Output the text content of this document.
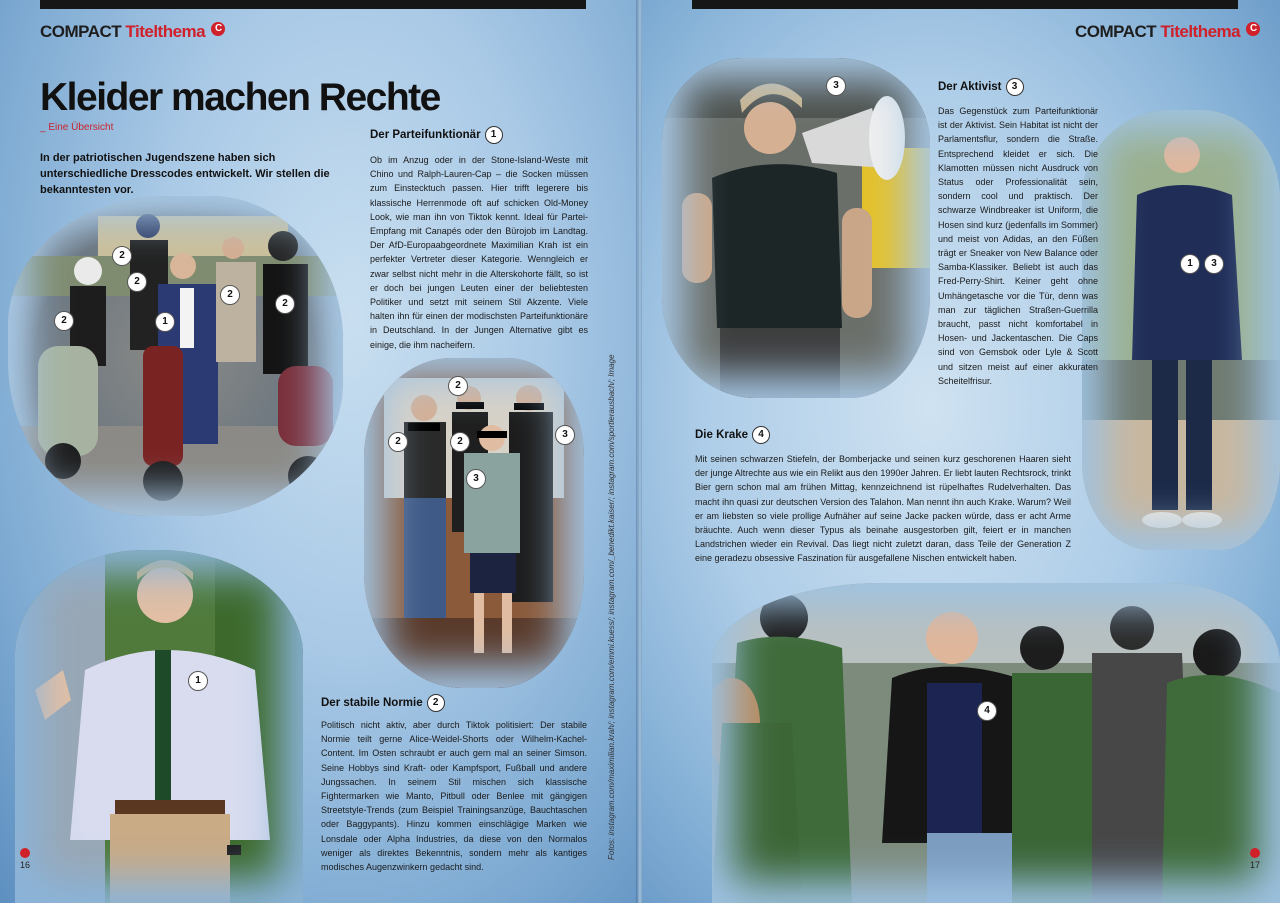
COMPACT Titelthema C
Kleider machen Rechte
_ Eine Übersicht
In der patriotischen Jugendszene haben sich unterschiedliche Dresscodes entwickelt. Wir stellen die bekanntesten vor.
2
2
2
2
2	1
1
2
2	2
3
3
Der Parteifunktionär 1
Ob im Anzug oder in der Stone-Island-Weste mit Chino und Ralph-Lauren-Cap – die Socken müssen zum Einstecktuch passen. Hier trifft legerere bis klassische Herrenmode oft auf schicken Old-Money Look, wie man ihn von Tiktok kennt. Ideal für Partei-Empfang mit Canapés oder den Bürojob im Landtag. Der AfD-Europaabgeordnete Maximilian Krah ist ein perfekter Vertreter dieser Kategorie. Wenngleich er zwar selbst nicht mehr in die Alterskohorte fällt, so ist er doch bei jungen Leuten einer der beliebtesten Politiker und setzt mit seinem Stil Akzente. Viele halten ihn für einen der modischsten Parteifunktionäre in Deutschland. In der Jungen Alternative gibt es einige, die ihm nacheifern.
Der stabile Normie 2
Politisch nicht aktiv, aber durch Tiktok politisiert: Der stabile Normie teilt gerne Alice-Weidel-Shorts oder Wilhelm-Kachel-Content. Im Osten schraubt er auch gern mal an seiner Simson. Seine Hobbys sind Kraft- oder Kampfsport, Fußball und andere Jungssachen. In seinem Stil mischen sich klassische Fightermarken wie Manto, Pitbull oder Benlee mit gängigen Streetstyle-Trends (zum Beispiel Trainingsanzüge, Bauchtaschen oder Baggypants). Hinzu kommen einschlägige Marken wie Lonsdale oder Alpha Industries, da diese von den Normalos weniger als direktes Bekenntnis, sondern mehr als kantiges modisches Augenzwinkern gedacht sind.
Fotos: instagram.com/maximilian.krah/; instagram.com/emmi.kuess/; instagram.com/_benedikt.kaiser/; instagram.com/sportlerausbach/; Image
16
COMPACT Titelthema C
3
1	3
4
Der Aktivist 3
Das Gegenstück zum Parteifunktionär ist der Aktivist. Sein Habitat ist nicht der Parlamentsflur, sondern die Straße. Entsprechend kleidet er sich. Die Klamotten müssen nicht Ausdruck von Status oder Professionalität sein, sondern cool und praktisch. Der schwarze Windbreaker ist Uniform, die Hosen sind kurz (jedenfalls im Sommer) und meist von Adidas, an den Füßen trägt er Sneaker von New Balance oder Samba-Klassiker. Beliebt ist auch das Fred-Perry-Shirt. Keiner geht ohne Umhängetasche vor die Tür, denn was man zur täglichen Straßen-Guerrilla braucht, passt nicht komfortabel in Hosen- und Jackentaschen. Die Caps sind von Gemsbok oder Lyle & Scott und sitzen meist auf einer akkuraten Scheitelfrisur.
Die Krake 4
Mit seinen schwarzen Stiefeln, der Bomberjacke und seinen kurz geschorenen Haaren sieht der junge Altrechte aus wie ein Relikt aus den 1990er Jahren. Er liebt lauten Rechtsrock, trinkt Bier gern schon mal am frühen Mittag, kennzeichnend ist rüpelhaftes Rudelverhalten. Das macht ihn quasi zur deutschen Version des Talahon. Man nennt ihn auch Krake. Warum? Weil er am liebsten so viele prollige Aufnäher auf seine Jacke packen würde, dass er acht Arme bräuchte. Auch wenn dieser Typus als beinahe ausgestorben gilt, feiert er in manchen Landstrichen wieder ein Revival. Das liegt nicht zuletzt daran, dass Teile der Generation Z eine geradezu obsessive Faszination für ausgefallene Nischen entwickelt haben.
17
